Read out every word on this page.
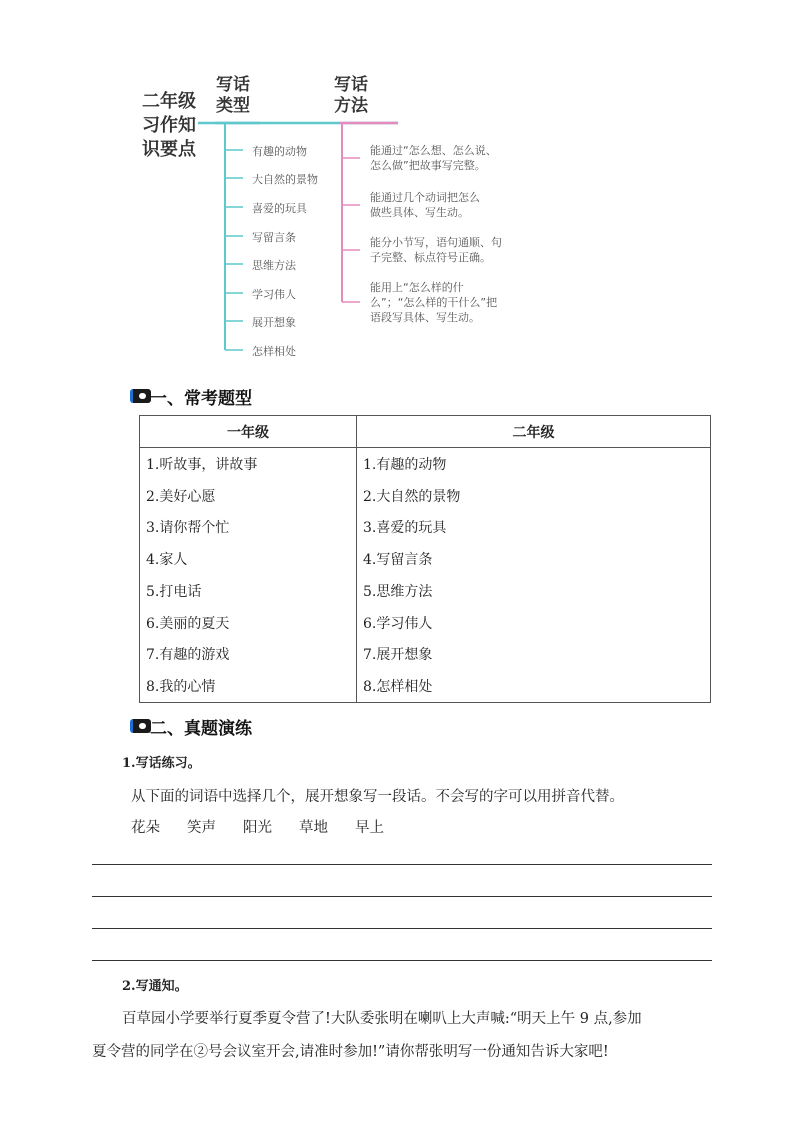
二年级
习作知
识要点
写话
类型
写话
方法
有趣的动物
大自然的景物
喜爱的玩具
写留言条
思维方法
学习伟人
展开想象
怎样相处
能通过“怎么想、怎么说、
怎么做”把故事写完整。
能通过几个动词把怎么
做些具体、写生动。
能分小节写，语句通顺、句
子完整、标点符号正确。
能用上“怎么样的什
么”；“怎么样的干什么”把
语段写具体、写生动。
一、常考题型
一年级	二年级
1.听故事，讲故事	1.有趣的动物
2.美好心愿	2.大自然的景物
3.请你帮个忙	3.喜爱的玩具
4.家人	4.写留言条
5.打电话	5.思维方法
6.美丽的夏天	6.学习伟人
7.有趣的游戏	7.展开想象
8.我的心情	8.怎样相处
二、真题演练
1.写话练习。
从下面的词语中选择几个，展开想象写一段话。不会写的字可以用拼音代替。
花朵 笑声 阳光 草地 早上
2.写通知。
百草园小学要举行夏季夏令营了!大队委张明在喇叭上大声喊:“明天上午 9 点,参加
夏令营的同学在②号会议室开会,请准时参加!”请你帮张明写一份通知告诉大家吧!
